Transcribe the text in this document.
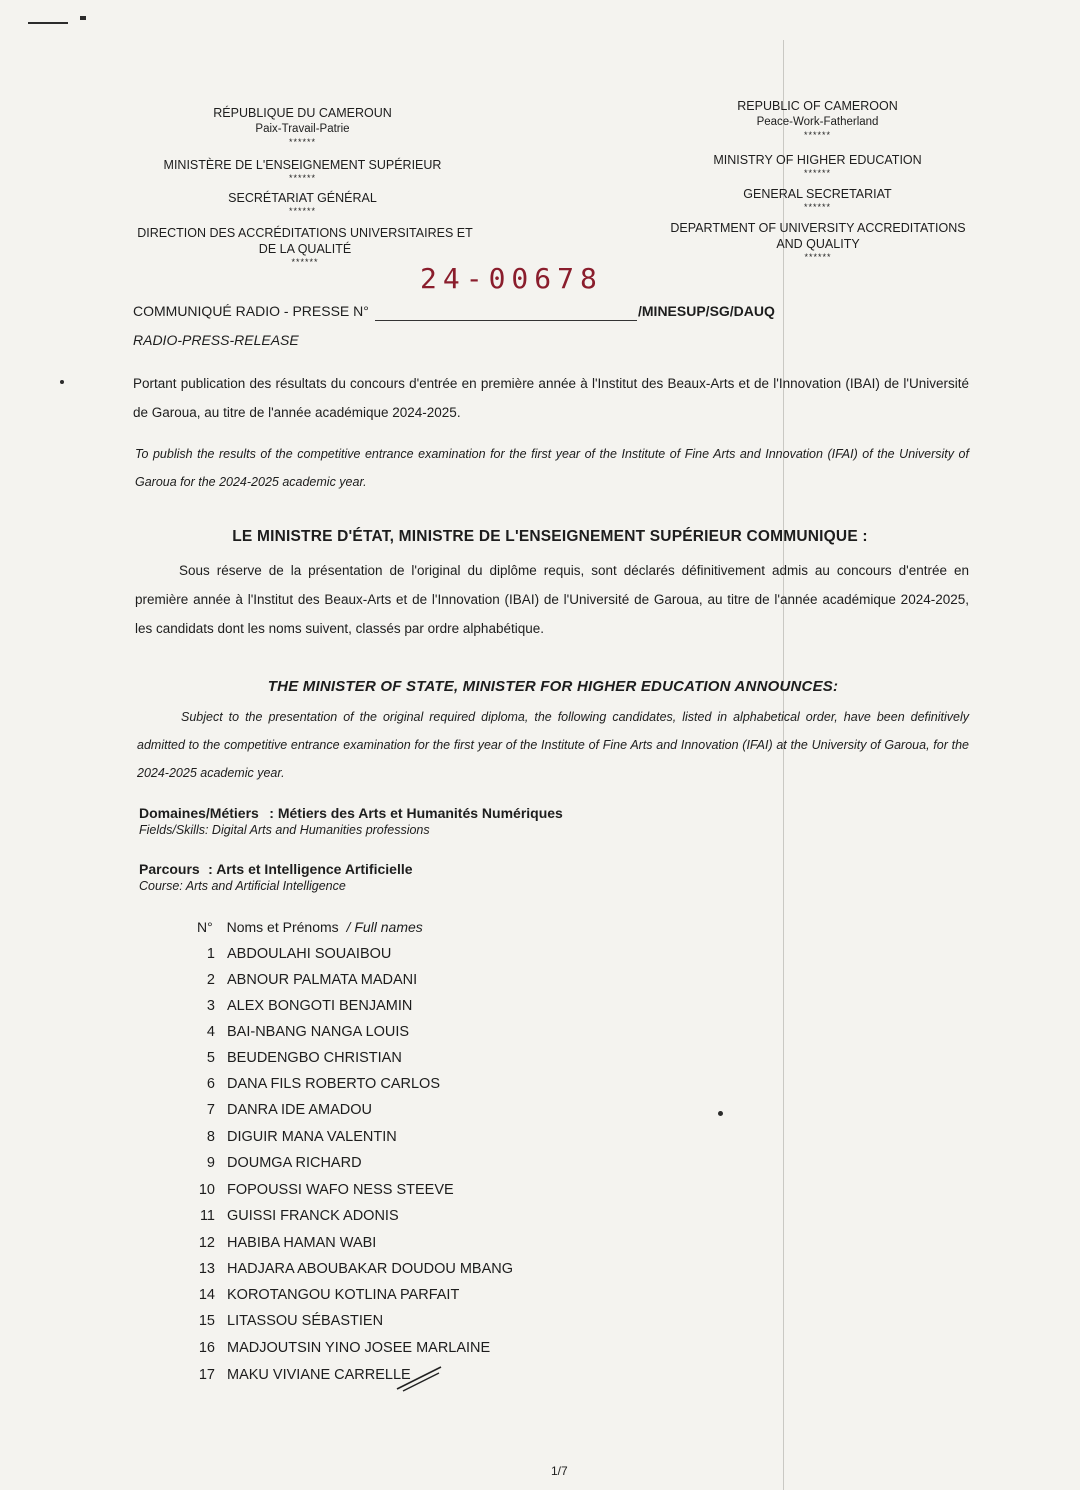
RÉPUBLIQUE DU CAMEROUN
Paix-Travail-Patrie
******
MINISTÈRE DE L'ENSEIGNEMENT SUPÉRIEUR
******
SECRÉTARIAT GÉNÉRAL
******
DIRECTION DES ACCRÉDITATIONS UNIVERSITAIRES ET
DE LA QUALITÉ
******
REPUBLIC OF CAMEROON
Peace-Work-Fatherland
******
MINISTRY OF HIGHER EDUCATION
******
GENERAL SECRETARIAT
******
DEPARTMENT OF UNIVERSITY ACCREDITATIONS
AND QUALITY
******
24-00678
COMMUNIQUÉ RADIO - PRESSE N°	/MINESUP/SG/DAUQ
RADIO-PRESS-RELEASE
Portant publication des résultats du concours d'entrée en première année à l'Institut des Beaux-Arts et de l'Innovation (IBAI) de l'Université de Garoua, au titre de l'année académique 2024-2025.
To publish the results of the competitive entrance examination for the first year of the Institute of Fine Arts and Innovation (IFAI) of the University of Garoua for the 2024-2025 academic year.
LE MINISTRE D'ÉTAT, MINISTRE DE L'ENSEIGNEMENT SUPÉRIEUR COMMUNIQUE :
Sous réserve de la présentation de l'original du diplôme requis, sont déclarés définitivement admis au concours d'entrée en première année à l'Institut des Beaux-Arts et de l'Innovation (IBAI) de l'Université de Garoua, au titre de l'année académique 2024-2025, les candidats dont les noms suivent, classés par ordre alphabétique.
THE MINISTER OF STATE, MINISTER FOR HIGHER EDUCATION ANNOUNCES:
Subject to the presentation of the original required diploma, the following candidates, listed in alphabetical order, have been definitively admitted to the competitive entrance examination for the first year of the Institute of Fine Arts and Innovation (IFAI) at the University of Garoua, for the 2024-2025 academic year.
Domaines/Métiers : Métiers des Arts et Humanités Numériques
Fields/Skills: Digital Arts and Humanities professions
Parcours : Arts et Intelligence Artificielle
Course: Arts and Artificial Intelligence
N° Noms et Prénoms / Full names
1 ABDOULAHI SOUAIBOU
2 ABNOUR PALMATA MADANI
3 ALEX BONGOTI BENJAMIN
4 BAI-NBANG NANGA LOUIS
5 BEUDENGBO CHRISTIAN
6 DANA FILS ROBERTO CARLOS
7 DANRA IDE AMADOU
8 DIGUIR MANA VALENTIN
9 DOUMGA RICHARD
10 FOPOUSSI WAFO NESS STEEVE
11 GUISSI FRANCK ADONIS
12 HABIBA HAMAN WABI
13 HADJARA ABOUBAKAR DOUDOU MBANG
14 KOROTANGOU KOTLINA PARFAIT
15 LITASSOU SÉBASTIEN
16 MADJOUTSIN YINO JOSEE MARLAINE
17 MAKU VIVIANE CARRELLE
1/7
